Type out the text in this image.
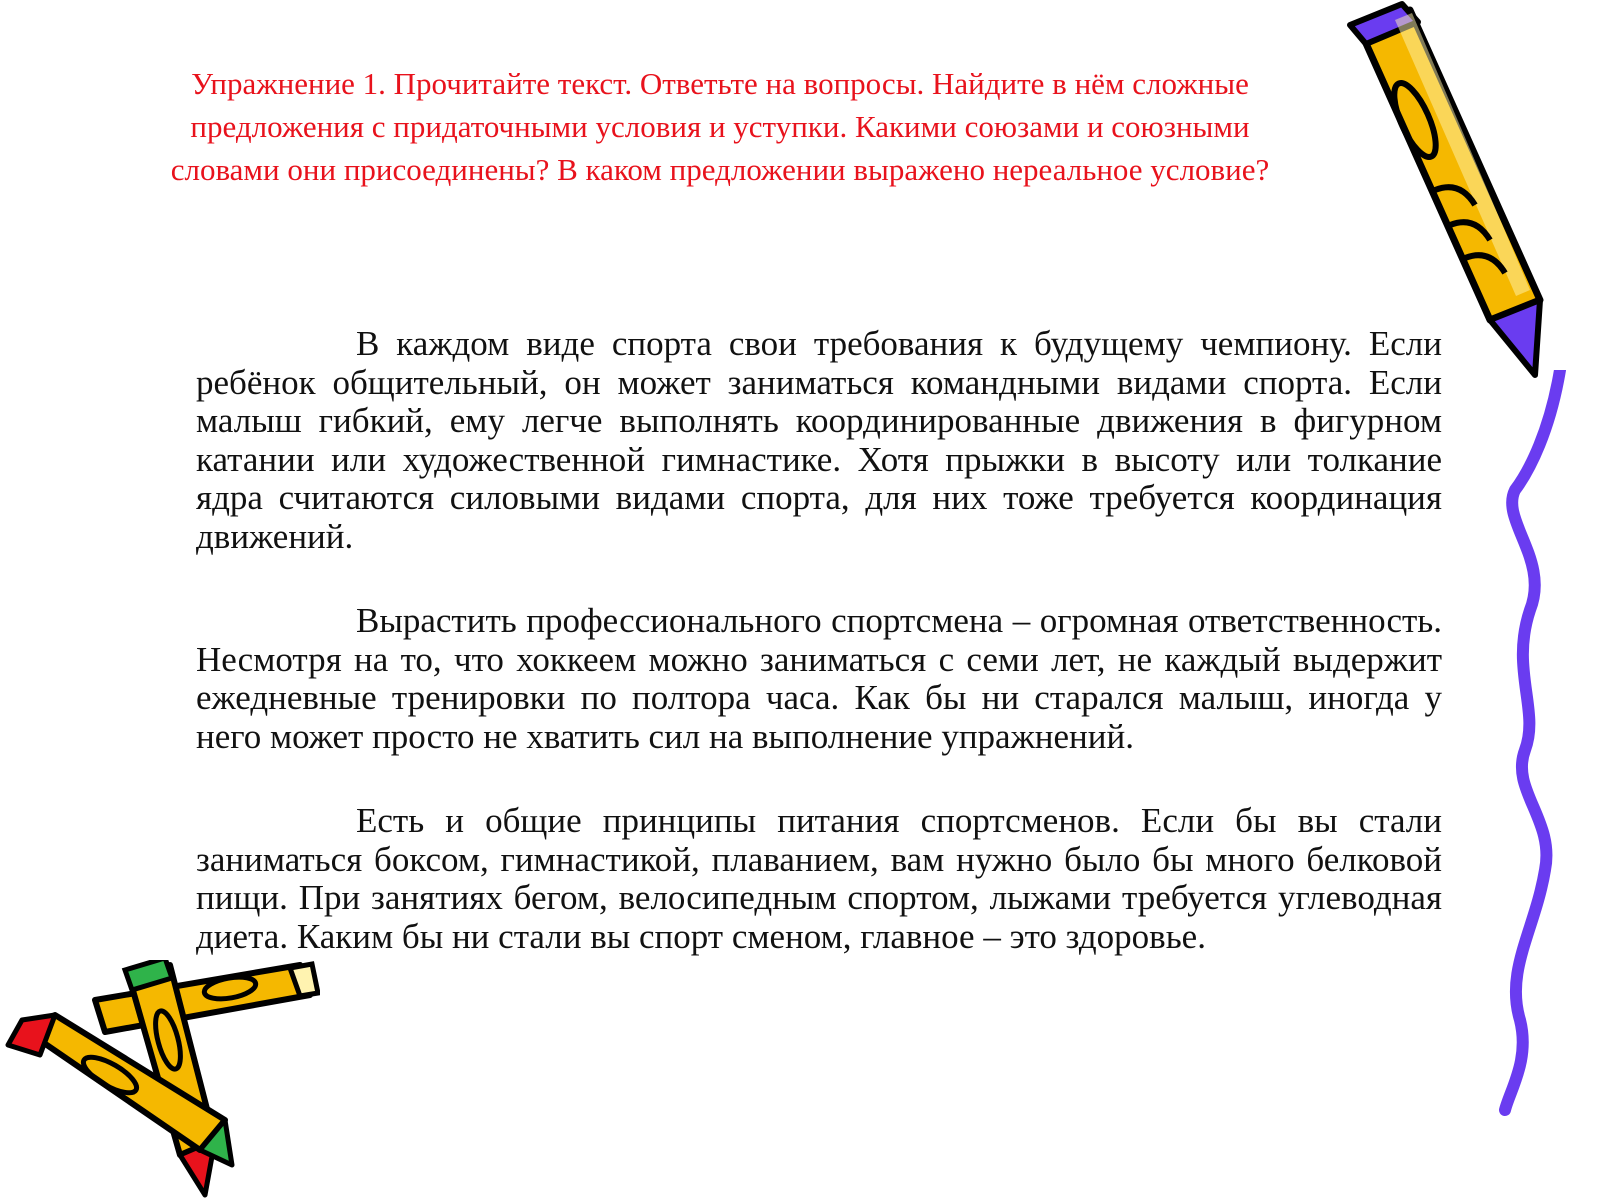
Упражнение 1. Прочитайте текст. Ответьте на вопросы. Найдите в нём сложные предложения с придаточными условия и уступки. Какими союзами и союзными словами они присоединены? В каком предложении выражено нереальное условие?

В каждом виде спорта свои требования к будущему чемпиону. Если ребёнок общительный, он может заниматься командными видами спорта. Если малыш гибкий, ему легче выполнять координированные движения в фигурном катании или художественной гимнастике. Хотя прыжки в высоту или толкание ядра считаются силовыми видами спорта, для них тоже требуется координация движений.

Вырастить профессионального спортсмена – огромная ответственность. Несмотря на то, что хоккеем можно заниматься с семи лет, не каждый выдержит ежедневные тренировки по полтора часа. Как бы ни старался малыш, иногда у него может просто не хватить сил на выполнение упражнений.

Есть и общие принципы питания спортсменов. Если бы вы стали заниматься боксом, гимнастикой, плаванием, вам нужно было бы много белковой пищи. При занятиях бегом, велосипедным спортом, лыжами требуется углеводная диета. Каким бы ни стали вы спорт сменом, главное – это здоровье.
